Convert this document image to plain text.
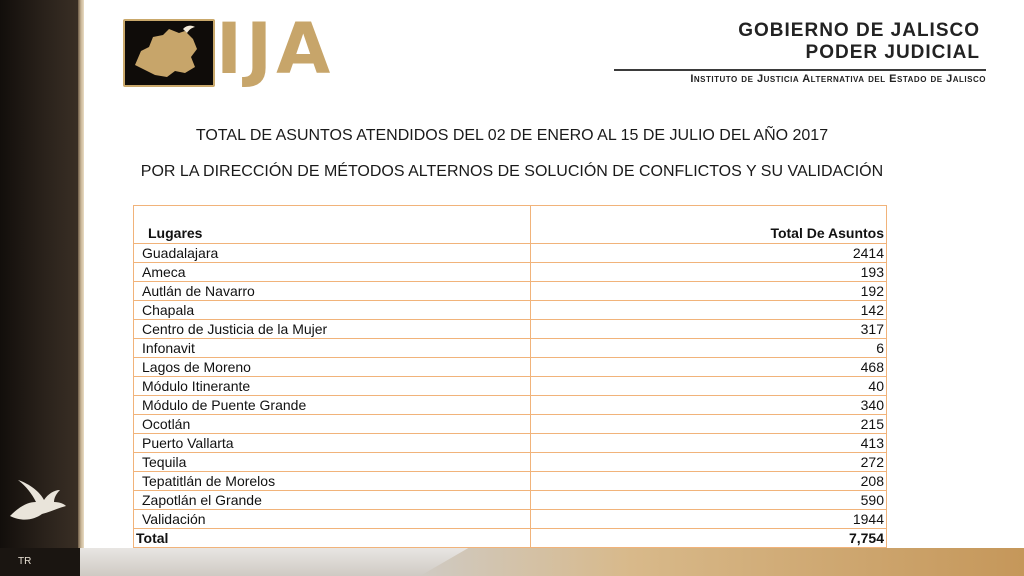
TR
IJA	GOBIERNO DE JALISCO
PODER JUDICIAL
Instituto de Justicia Alternativa del Estado de Jalisco
TOTAL DE ASUNTOS ATENDIDOS DEL 02 DE ENERO AL 15 DE JULIO DEL AÑO 2017
POR LA DIRECCIÓN DE MÉTODOS ALTERNOS DE SOLUCIÓN DE CONFLICTOS Y SU VALIDACIÓN
Lugares	Total De Asuntos
Guadalajara	2414
Ameca	193
Autlán de Navarro	192
Chapala	142
Centro de Justicia de la Mujer	317
Infonavit	6
Lagos de Moreno	468
Módulo Itinerante	40
Módulo de Puente Grande	340
Ocotlán	215
Puerto Vallarta	413
Tequila	272
Tepatitlán de Morelos	208
Zapotlán el Grande	590
Validación	1944
Total	7,754
